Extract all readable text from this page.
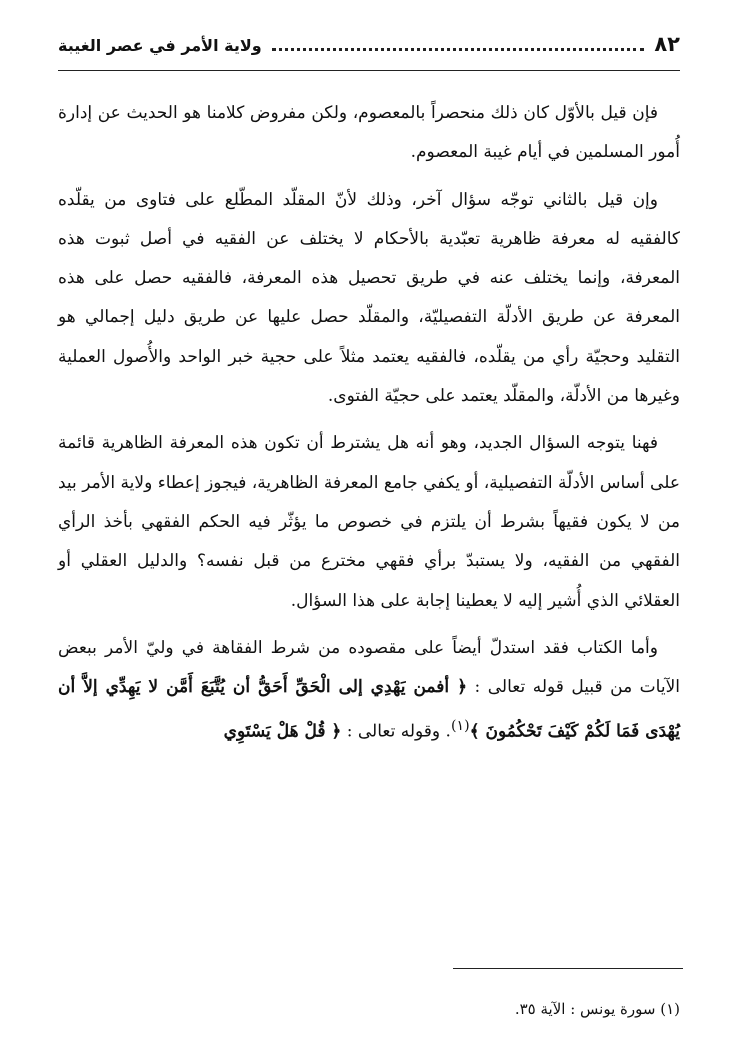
٨٢
ولاية الأمر في عصر الغيبة

فإن قيل بالأوّل كان ذلك منحصراً بالمعصوم، ولكن مفروض كلامنا هو الحديث عن إدارة أُمور المسلمين في أيام غيبة المعصوم.

وإن قيل بالثاني توجّه سؤال آخر، وذلك لأنّ المقلّد المطّلع على فتاوى من يقلّده كالفقيه له معرفة ظاهرية تعبّدية بالأحكام لا يختلف عن الفقيه في أصل ثبوت هذه المعرفة، وإنما يختلف عنه في طريق تحصيل هذه المعرفة، فالفقيه حصل على هذه المعرفة عن طريق الأدلّة التفصيليّة، والمقلّد حصل عليها عن طريق دليل إجمالي هو التقليد وحجيّة رأي من يقلّده، فالفقيه يعتمد مثلاً على حجية خبر الواحد والأُصول العملية وغيرها من الأدلّة، والمقلّد يعتمد على حجيّة الفتوى.

فهنا يتوجه السؤال الجديد، وهو أنه هل يشترط أن تكون هذه المعرفة الظاهرية قائمة على أساس الأدلّة التفصيلية، أو يكفي جامع المعرفة الظاهرية، فيجوز إعطاء ولاية الأمر بيد من لا يكون فقيهاً بشرط أن يلتزم في خصوص ما يؤثّر فيه الحكم الفقهي بأخذ الرأي الفقهي من الفقيه، ولا يستبدّ برأي فقهي مخترع من قبل نفسه؟ والدليل العقلي أو العقلائي الذي أُشير إليه لا يعطينا إجابة على هذا السؤال.

وأما الكتاب فقد استدلّ أيضاً على مقصوده من شرط الفقاهة في وليّ الأمر ببعض الآيات من قبيل قوله تعالى : ﴿ أفمن يَهْدِي إلى الْحَقِّ أَحَقُّ أن يُتَّبَعَ أَمَّن لا يَهِدِّي إلاَّ أن يُهْدَى فَمَا لَكُمْ كَيْفَ تَحْكُمُونَ ﴾$^{(١)}$. وقوله تعالى : ﴿ قُلْ هَلْ يَسْتَوِي

(١) سورة يونس : الآية ٣٥.
